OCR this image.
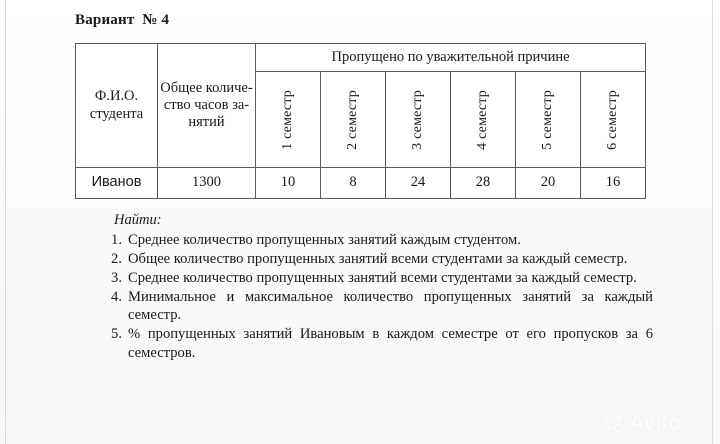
Вариант  № 4
Ф.И.О. студента	Общее количество часов занятий	Пропущено по уважительной причине					

		1 семестр	2 семестр	3 семестр	4 семестр	5 семестр	6 семестр

Иванов	1300	10	8	24	28	20	16
Найти:
1. Среднее количество пропущенных занятий каждым студентом.
2. Общее количество пропущенных занятий всеми студентами за каждый семестр.
3. Среднее количество пропущенных занятий всеми студентами за каждый семестр.
4. Минимальное и максимальное количество пропущенных занятий за каждый семестр.
5. % пропущенных занятий Ивановым в каждом семестре от его пропусков за 6 семестров.
Avito
